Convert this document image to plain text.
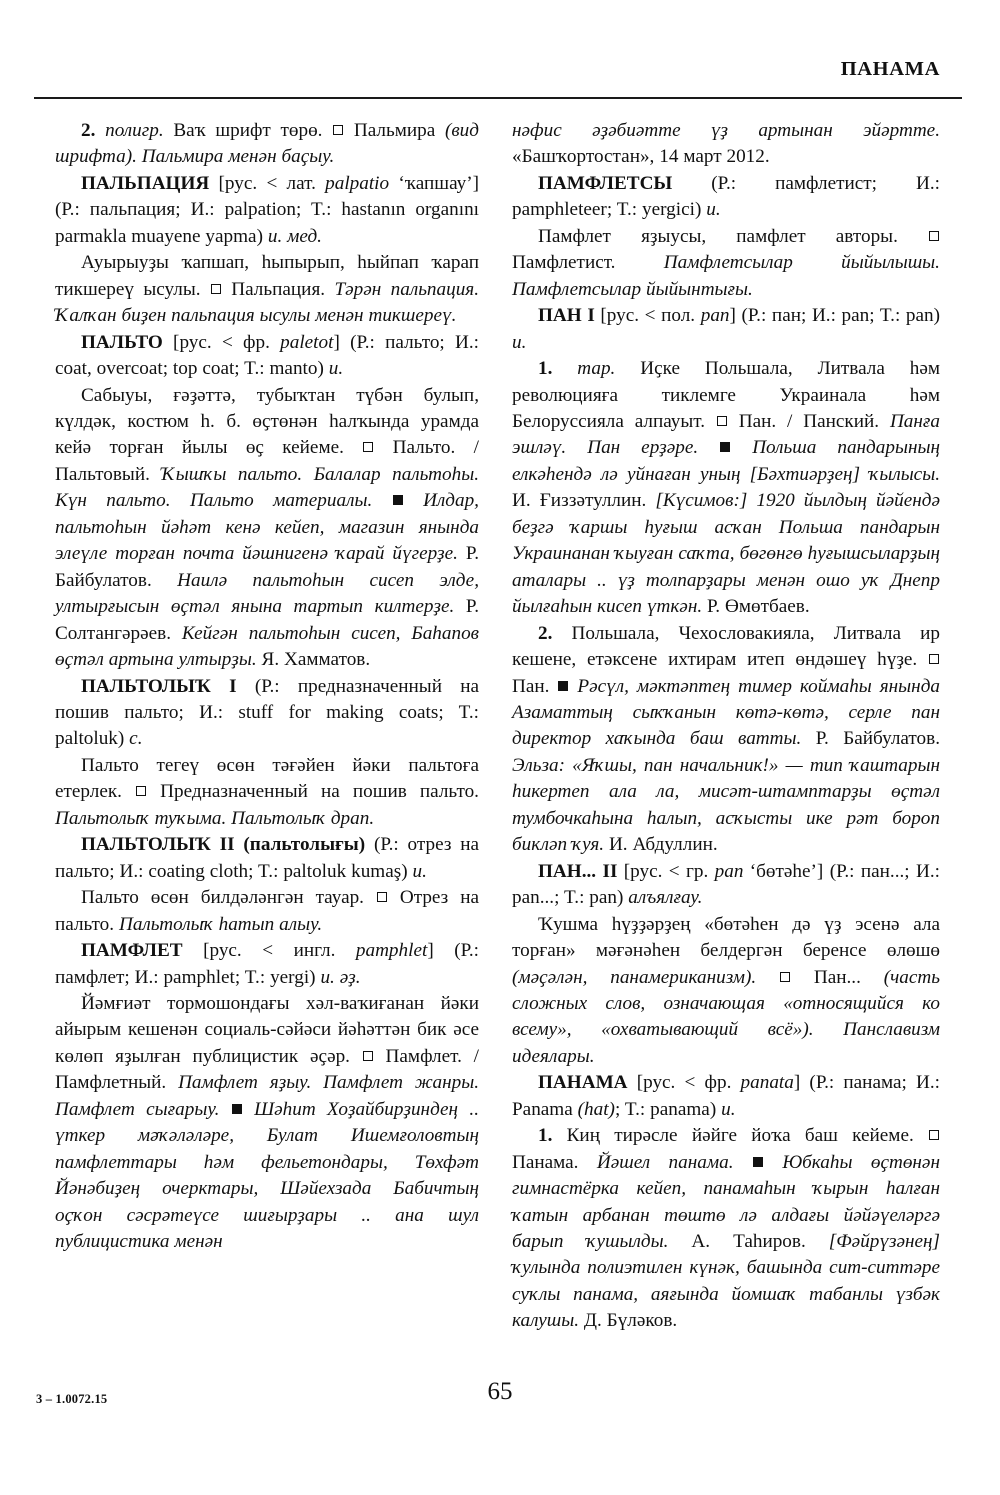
ПАНАМА

2. полигр. Ваҡ шрифт төрө.  Пальмира (вид шрифта). Пальмира менән баҫыу.

ПАЛЬПАЦИЯ [рус. < лат. palpatio ‘ҡапшау’] (Р.: пальпация; И.: palpation; T.: hastanın organını parmakla muayene yapma) и. мед.

Ауырыуҙы ҡапшап, һыпырып, һыйпап ҡарап тикшереү ысулы.  Пальпация. Тәрән пальпация. Ҡалҡан биҙен пальпация ысулы менән тикшереү.

ПАЛЬТО [рус. < фр. paletot] (Р.: пальто; И.: coat, overcoat; top coat; T.: manto) и.

Сабыуы, ғәҙәттә, тубыҡтан түбән булып, күлдәк, костюм һ. б. өҫтөнән һалҡында урамда кейә торған йылы өҫ кейеме.  Пальто. / Пальтовый. Ҡышҡы пальто. Балалар пальтоһы. Күн пальто. Пальто материалы.	Илдар, пальтоһын йәһәт кенә кейеп, магазин янында элеүле торған почта йәшнигенә ҡарай йүгерҙе. Р. Байбулатов. Наилә пальтоһын сисеп элде, ултырғысын өҫтәл янына тартып килтерҙе. Р. Солтангәрәев. Кейгән пальтоһын сисеп, Баһапов өҫтәл артына ултырҙы. Я. Хамматов.

ПАЛЬТОЛЫҠ I (Р.: предназначенный на пошив пальто; И.: stuff for making coats; T.: paltoluk) с.

Пальто тегеү өсөн тәғәйен йәки пальтоға етерлек.  Предназначенный на пошив пальто. Пальтолыҡ туҡыма. Пальтолыҡ драп.

ПАЛЬТОЛЫҠ II (пальтолығы) (Р.: отрез на пальто; И.: coating cloth; T.: paltoluk kumaş) и.

Пальто өсөн билдәләнгән тауар.  Отрез на пальто. Пальтолыҡ һатып алыу.

ПАМФЛЕТ [рус. < ингл. pamphlet] (Р.: памфлет; И.: pamphlet; T.: yergi) и. әҙ.

Йәмғиәт тормошондағы хәл-ваҡиғанан йәки айырым кешенән социаль-сәйәси йәһәттән бик әсе көлөп яҙылған публицистик әҫәр.  Памфлет. / Памфлетный. Памфлет яҙыу. Памфлет жанры. Памфлет сығарыу. Шәһит Хоҙайбирҙиндең .. үткер мәҡәләләре, Булат Ишемғоловтың памфлеттары һәм фельетондары, Төхфәт Йәнәбиҙең очерктары, Шәйехзада Бабичтың оҫҡон сәсрәтеүсе шиғырҙары .. ана шул публицистика менән

нәфис әҙәбиәтте үҙ артынан эйәртте. «Башҡортостан», 14 март 2012.

ПАМФЛЕТСЫ (Р.: памфлетист; И.: pamphleteer; T.: yergici) и.

Памфлет яҙыусы, памфлет авторы.  Памфлетист. Памфлетсылар йыйылышы. Памфлетсылар йыйынтығы.

ПАН I [рус. < пол. pan] (Р.: пан; И.: pan; T.: pan) и.

1. тар. Иҫке Польшала, Литвала һәм революцияға тиклемге Украинала һәм Белоруссияла алпауыт.  Пан. / Панский. Панға эшләү. Пан ерҙәре.	Польша пандарының елкәһендә лә уйнаған уның [Бәхтиәрҙең] ҡылысы. И. Ғиззәтуллин. [Күсимов:] 1920 йылдың йәйендә беҙгә ҡаршы һуғыш асҡан Польша пандарын Украинанан ҡыуған саҡта, бөгөнгө һуғышсыларҙың аталары .. үҙ толпарҙары менән ошо уҡ Днепр йылғаһын кисеп үткән. Р. Өмөтбаев.

2. Польшала, Чехословакияла, Литвала ир кешене, етәксене ихтирам итеп өндәшеү һүҙе.  Пан.  Рәсүл, мәктәптең тимер коймаһы янында Азаматтың сыҡҡанын көтә-көтә, серле пан директор хаҡында баш ватты. Р. Байбулатов. Эльза: «Яҡшы, пан начальник!» — тип ҡаштарын һикертеп ала ла, мисәт-штамптарҙы өҫтәл тумбочкаһына һалып, асҡысты ике рәт бороп бикләп ҡуя. И. Абдуллин.

ПАН... II [рус. < гр. pan ‘бөтәһе’] (Р.: пан...; И.: pan...; T.: pan) алъялғау.

Ҡушма һүҙҙәрҙең «бөтәһен дә үҙ эсенә ала торған» мәғәнәһен белдергән беренсе өлөшө (мәҫәлән, панамериканизм).  Пан... (часть сложных слов, означающая «относящийся ко всему», «охватывающий всё»). Панславизм идеялары.

ПАНАМА [рус. < фр. panata] (Р.: панама; И.: Panama (hat); T.: panama) и.

1. Киң тирәсле йәйге йоҡа баш кейеме.  Панама. Йәшел панама.	Юбкаһы өҫтөнән гимнастёрка кейеп, панамаһын ҡырын һалған ҡатын арбанан төштө лә алдағы йәйәүеләргә барып ҡушылды. А. Таһиров. [Фәйрүзәнең] ҡулында полиэтилен күнәк, башында сит-ситтәре суҡлы панама, аяғында йомшаҡ табанлы үзбәк калушы. Д. Бүләков.

3 – 1.0072.15	65
